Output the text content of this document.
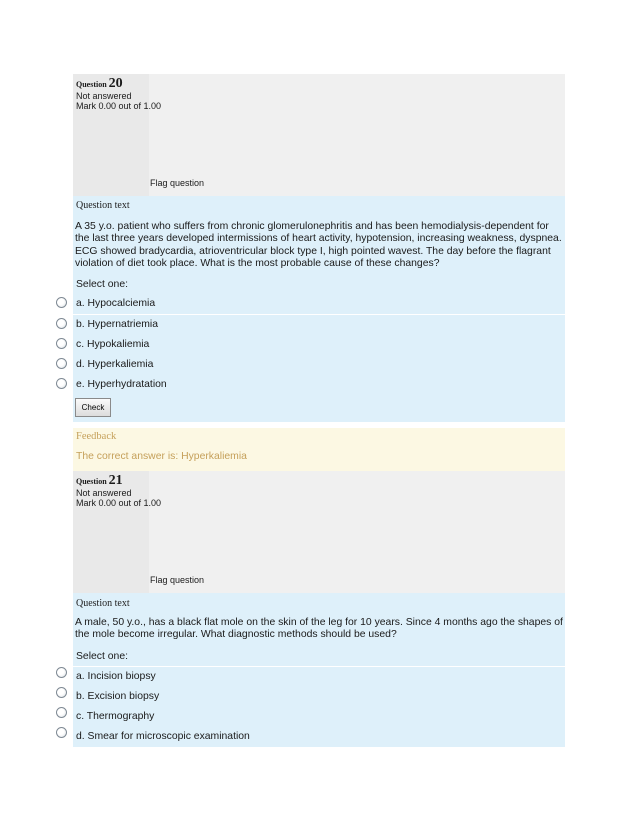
Question 20
Not answered
Mark 0.00 out of 1.00
Flag question
Question text
A 35 y.o. patient who suffers from chronic glomerulonephritis and has been hemodialysis-dependent for the last three years developed intermissions of heart activity, hypotension, increasing weakness, dyspnea. ECG showed bradycardia, atrioventricular block type I, high pointed wavest. The day before the flagrant violation of diet took place. What is the most probable cause of these changes?
Select one:
a. Hypocalciemia
b. Hypernatriemia
c. Hypokaliemia
d. Hyperkaliemia
e. Hyperhydratation
Check
Feedback
The correct answer is: Hyperkaliemia
Question 21
Not answered
Mark 0.00 out of 1.00
Flag question
Question text
A male, 50 y.o., has a black flat mole on the skin of the leg for 10 years. Since 4 months ago the shapes of the mole become irregular. What diagnostic methods should be used?
Select one:
a. Incision biopsy
b. Excision biopsy
c. Thermography
d. Smear for microscopic examination
